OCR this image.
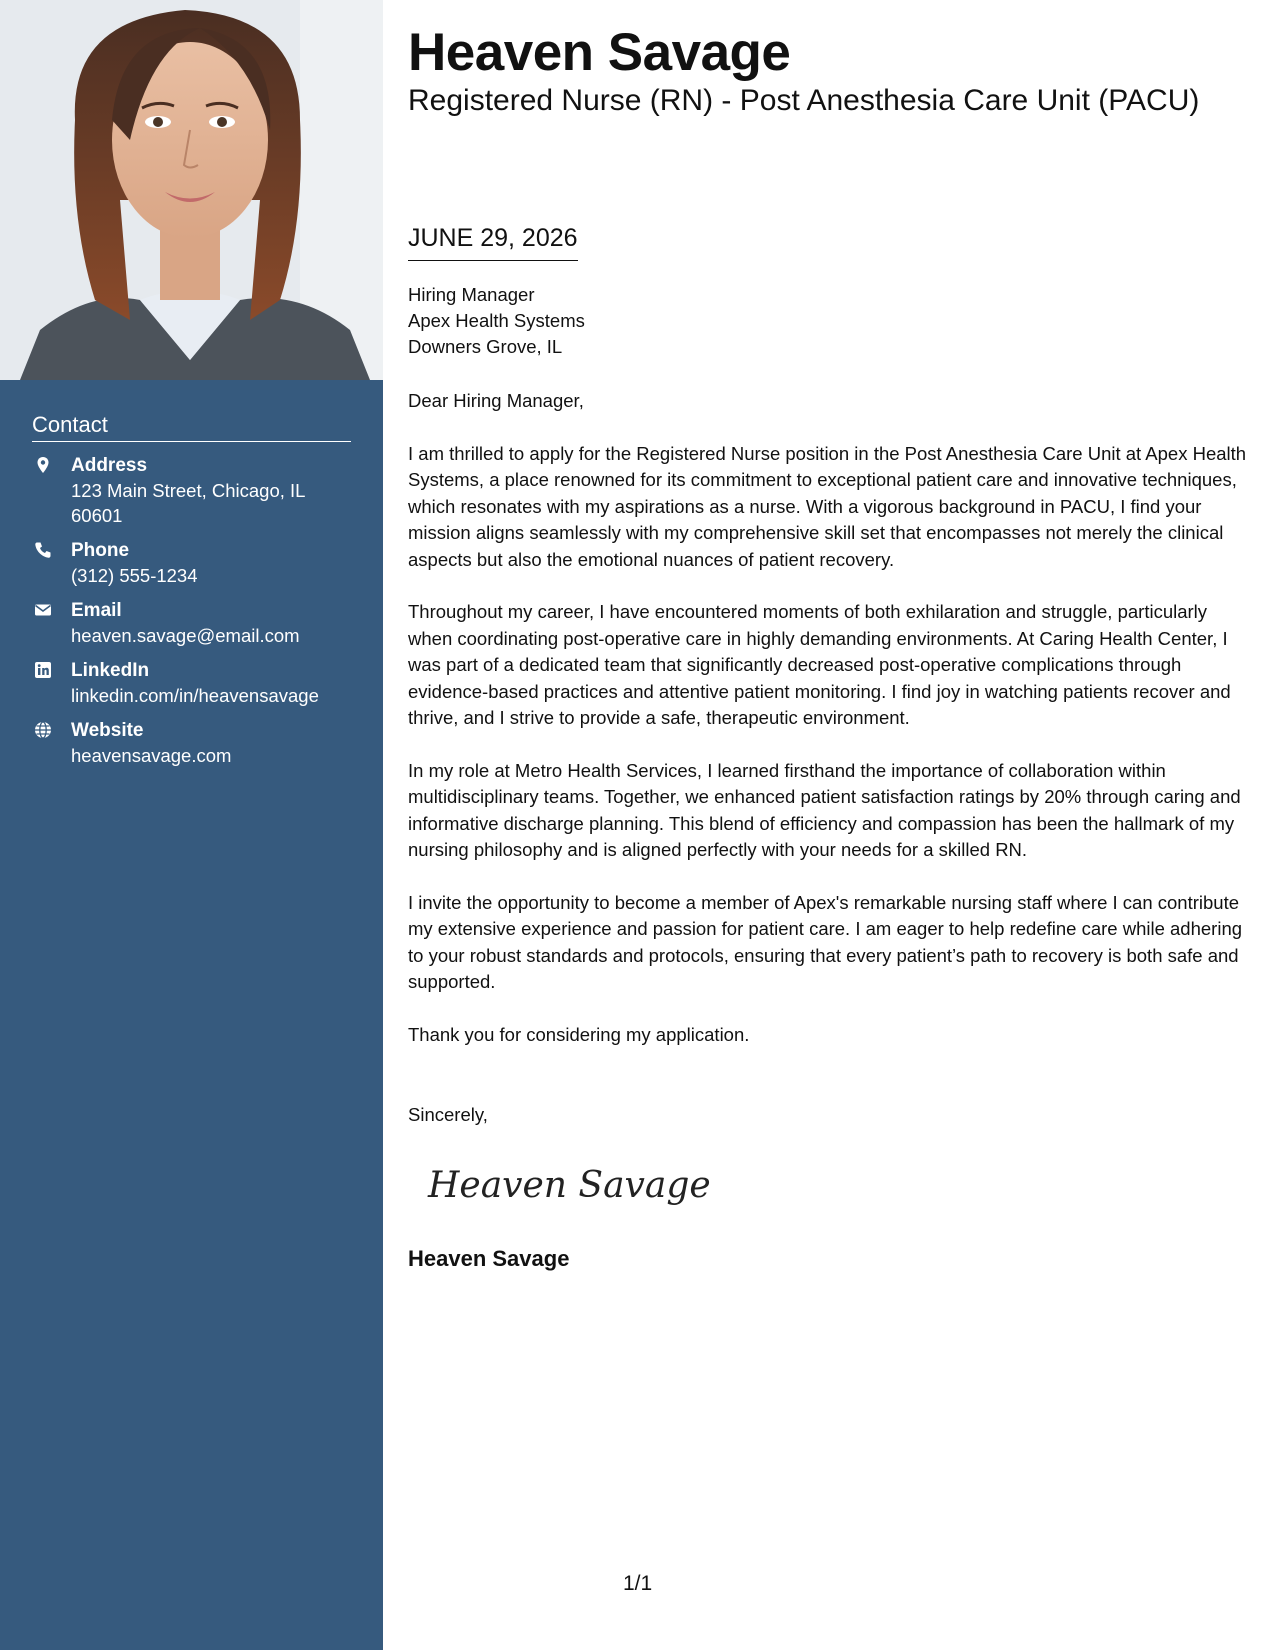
Contact
Address
123 Main Street, Chicago, IL
60601
Phone
(312) 555-1234
Email
heaven.savage@email.com
LinkedIn
linkedin.com/in/heavensavage
Website
heavensavage.com
Heaven Savage
Registered Nurse (RN) - Post Anesthesia Care Unit (PACU)
JUNE 29, 2026
Hiring Manager
Apex Health Systems
Downers Grove, IL

Dear Hiring Manager,

I am thrilled to apply for the Registered Nurse position in the Post Anesthesia Care Unit at Apex Health Systems, a place renowned for its commitment to exceptional patient care and innovative techniques, which resonates with my aspirations as a nurse. With a vigorous background in PACU, I find your mission aligns seamlessly with my comprehensive skill set that encompasses not merely the clinical aspects but also the emotional nuances of patient recovery.

Throughout my career, I have encountered moments of both exhilaration and struggle, particularly when coordinating post-operative care in highly demanding environments. At Caring Health Center, I was part of a dedicated team that significantly decreased post-operative complications through evidence-based practices and attentive patient monitoring. I find joy in watching patients recover and thrive, and I strive to provide a safe, therapeutic environment.

In my role at Metro Health Services, I learned firsthand the importance of collaboration within multidisciplinary teams. Together, we enhanced patient satisfaction ratings by 20% through caring and informative discharge planning. This blend of efficiency and compassion has been the hallmark of my nursing philosophy and is aligned perfectly with your needs for a skilled RN.

I invite the opportunity to become a member of Apex's remarkable nursing staff where I can contribute my extensive experience and passion for patient care. I am eager to help redefine care while adhering to your robust standards and protocols, ensuring that every patient’s path to recovery is both safe and supported.

Thank you for considering my application.

Sincerely,
Heaven Savage
Heaven Savage
1/1
